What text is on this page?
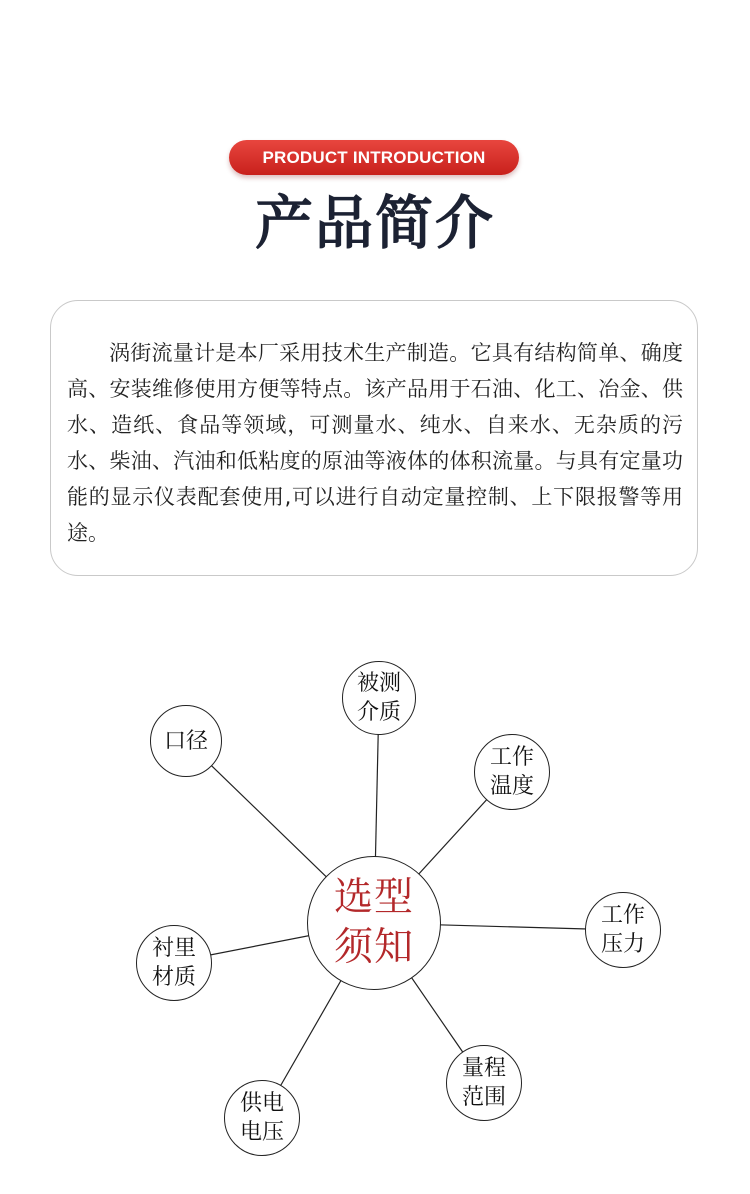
PRODUCT INTRODUCTION
产品简介

涡街流量计是本厂采用技术生产制造。它具有结构简单、确度高、安装维修使用方便等特点。该产品用于石油、化工、冶金、供水、造纸、食品等领域，可测量水、纯水、自来水、无杂质的污水、柴油、汽油和低粘度的原油等液体的体积流量。与具有定量功能的显示仪表配套使用,可以进行自动定量控制、上下限报警等用途。

选型
须知
被测
介质
口径
工作
温度
工作
压力
衬里
材质
量程
范围
供电
电压
